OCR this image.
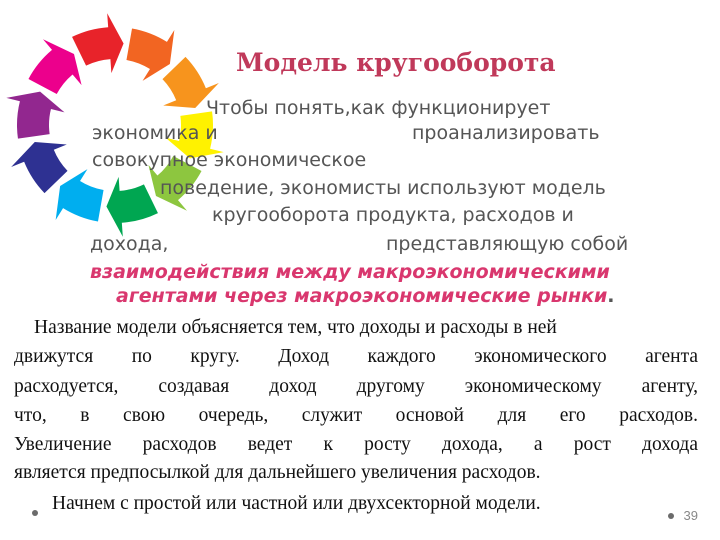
Модель кругооборота
Чтобы понять,как функционирует
экономика и	проанализировать
совокупное экономическое
поведение, экономисты используют модель
кругооборота продукта, расходов и
дохода,	представляющую собой
взаимодействия между макроэкономическими
агентами через макроэкономические рынки.
Название модели объясняется тем, что доходы и расходы в ней
движутся по кругу. Доход каждого экономического агента
расходуется, создавая доход другому экономическому агенту,
что, в свою очередь, служит основой для его расходов.
Увеличение расходов ведет к росту дохода, а рост дохода
является предпосылкой для дальнейшего увеличения расходов.
Начнем с простой или частной или двухсекторной модели.
39
